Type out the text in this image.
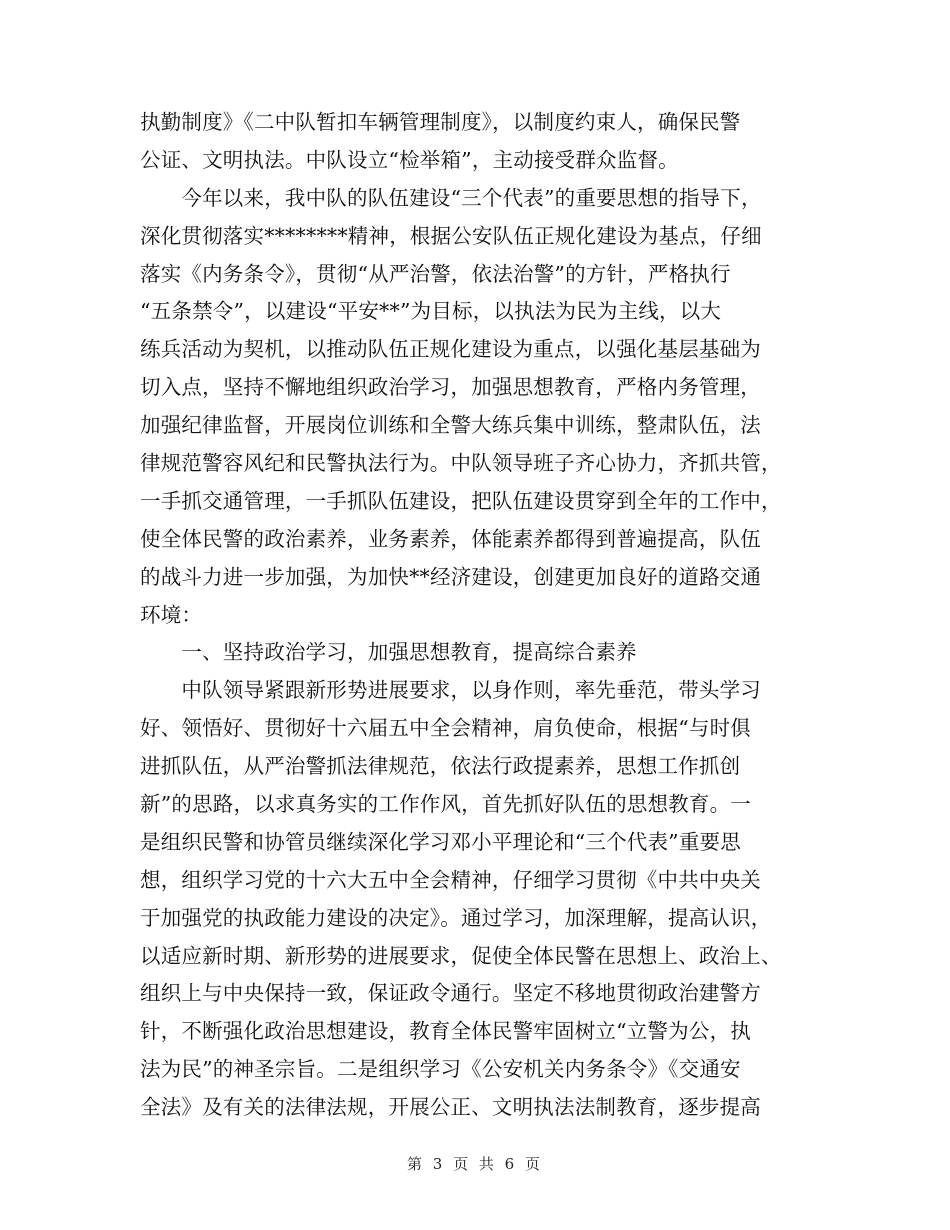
执勤制度》《二中队暂扣车辆管理制度》，以制度约束人，确保民警
公证、文明执法。中队设立“检举箱”，主动接受群众监督。
　　今年以来，我中队的队伍建设“三个代表”的重要思想的指导下，
深化贯彻落实********精神，根据公安队伍正规化建设为基点，仔细
落实《内务条令》，贯彻“从严治警，依法治警”的方针，严格执行
“五条禁令”，以建设“平安**”为目标，以执法为民为主线，以大
练兵活动为契机，以推动队伍正规化建设为重点，以强化基层基础为
切入点，坚持不懈地组织政治学习，加强思想教育，严格内务管理，
加强纪律监督，开展岗位训练和全警大练兵集中训练，整肃队伍，法
律规范警容风纪和民警执法行为。中队领导班子齐心协力，齐抓共管，
一手抓交通管理，一手抓队伍建设，把队伍建设贯穿到全年的工作中，
使全体民警的政治素养，业务素养，体能素养都得到普遍提高，队伍
的战斗力进一步加强，为加快**经济建设，创建更加良好的道路交通
环境：
　　一、坚持政治学习，加强思想教育，提高综合素养
　　中队领导紧跟新形势进展要求，以身作则，率先垂范，带头学习
好、领悟好、贯彻好十六届五中全会精神，肩负使命，根据“与时俱
进抓队伍，从严治警抓法律规范，依法行政提素养，思想工作抓创
新”的思路，以求真务实的工作作风，首先抓好队伍的思想教育。一
是组织民警和协管员继续深化学习邓小平理论和“三个代表”重要思
想，组织学习党的十六大五中全会精神，仔细学习贯彻《中共中央关
于加强党的执政能力建设的决定》。通过学习，加深理解，提高认识，
以适应新时期、新形势的进展要求，促使全体民警在思想上、政治上、
组织上与中央保持一致，保证政令通行。坚定不移地贯彻政治建警方
针，不断强化政治思想建设，教育全体民警牢固树立“立警为公，执
法为民”的神圣宗旨。二是组织学习《公安机关内务条令》《交通安
全法》及有关的法律法规，开展公正、文明执法法制教育，逐步提高
第 3 页 共 6 页
